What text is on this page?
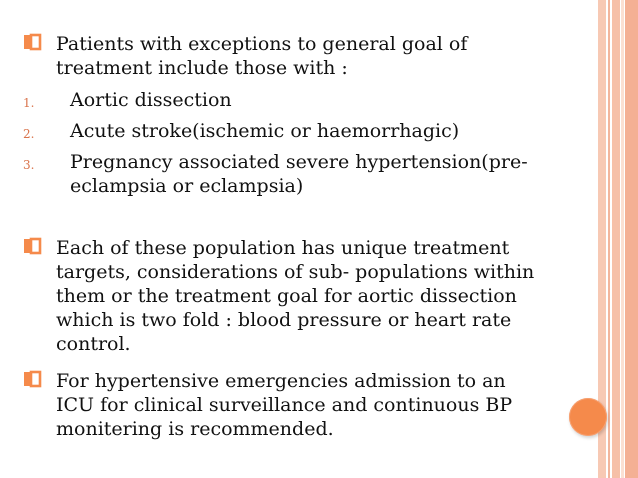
Patients with exceptions to general goal of treatment include those with :
1. Aortic dissection
2. Acute stroke(ischemic or haemorrhagic)
3. Pregnancy associated severe hypertension(pre-eclampsia or eclampsia)
Each of these population has unique treatment targets, considerations of sub- populations within them or the treatment goal for aortic dissection which is two fold : blood pressure or heart rate control.
For hypertensive emergencies admission to an ICU for clinical surveillance and continuous BP monitering is recommended.
